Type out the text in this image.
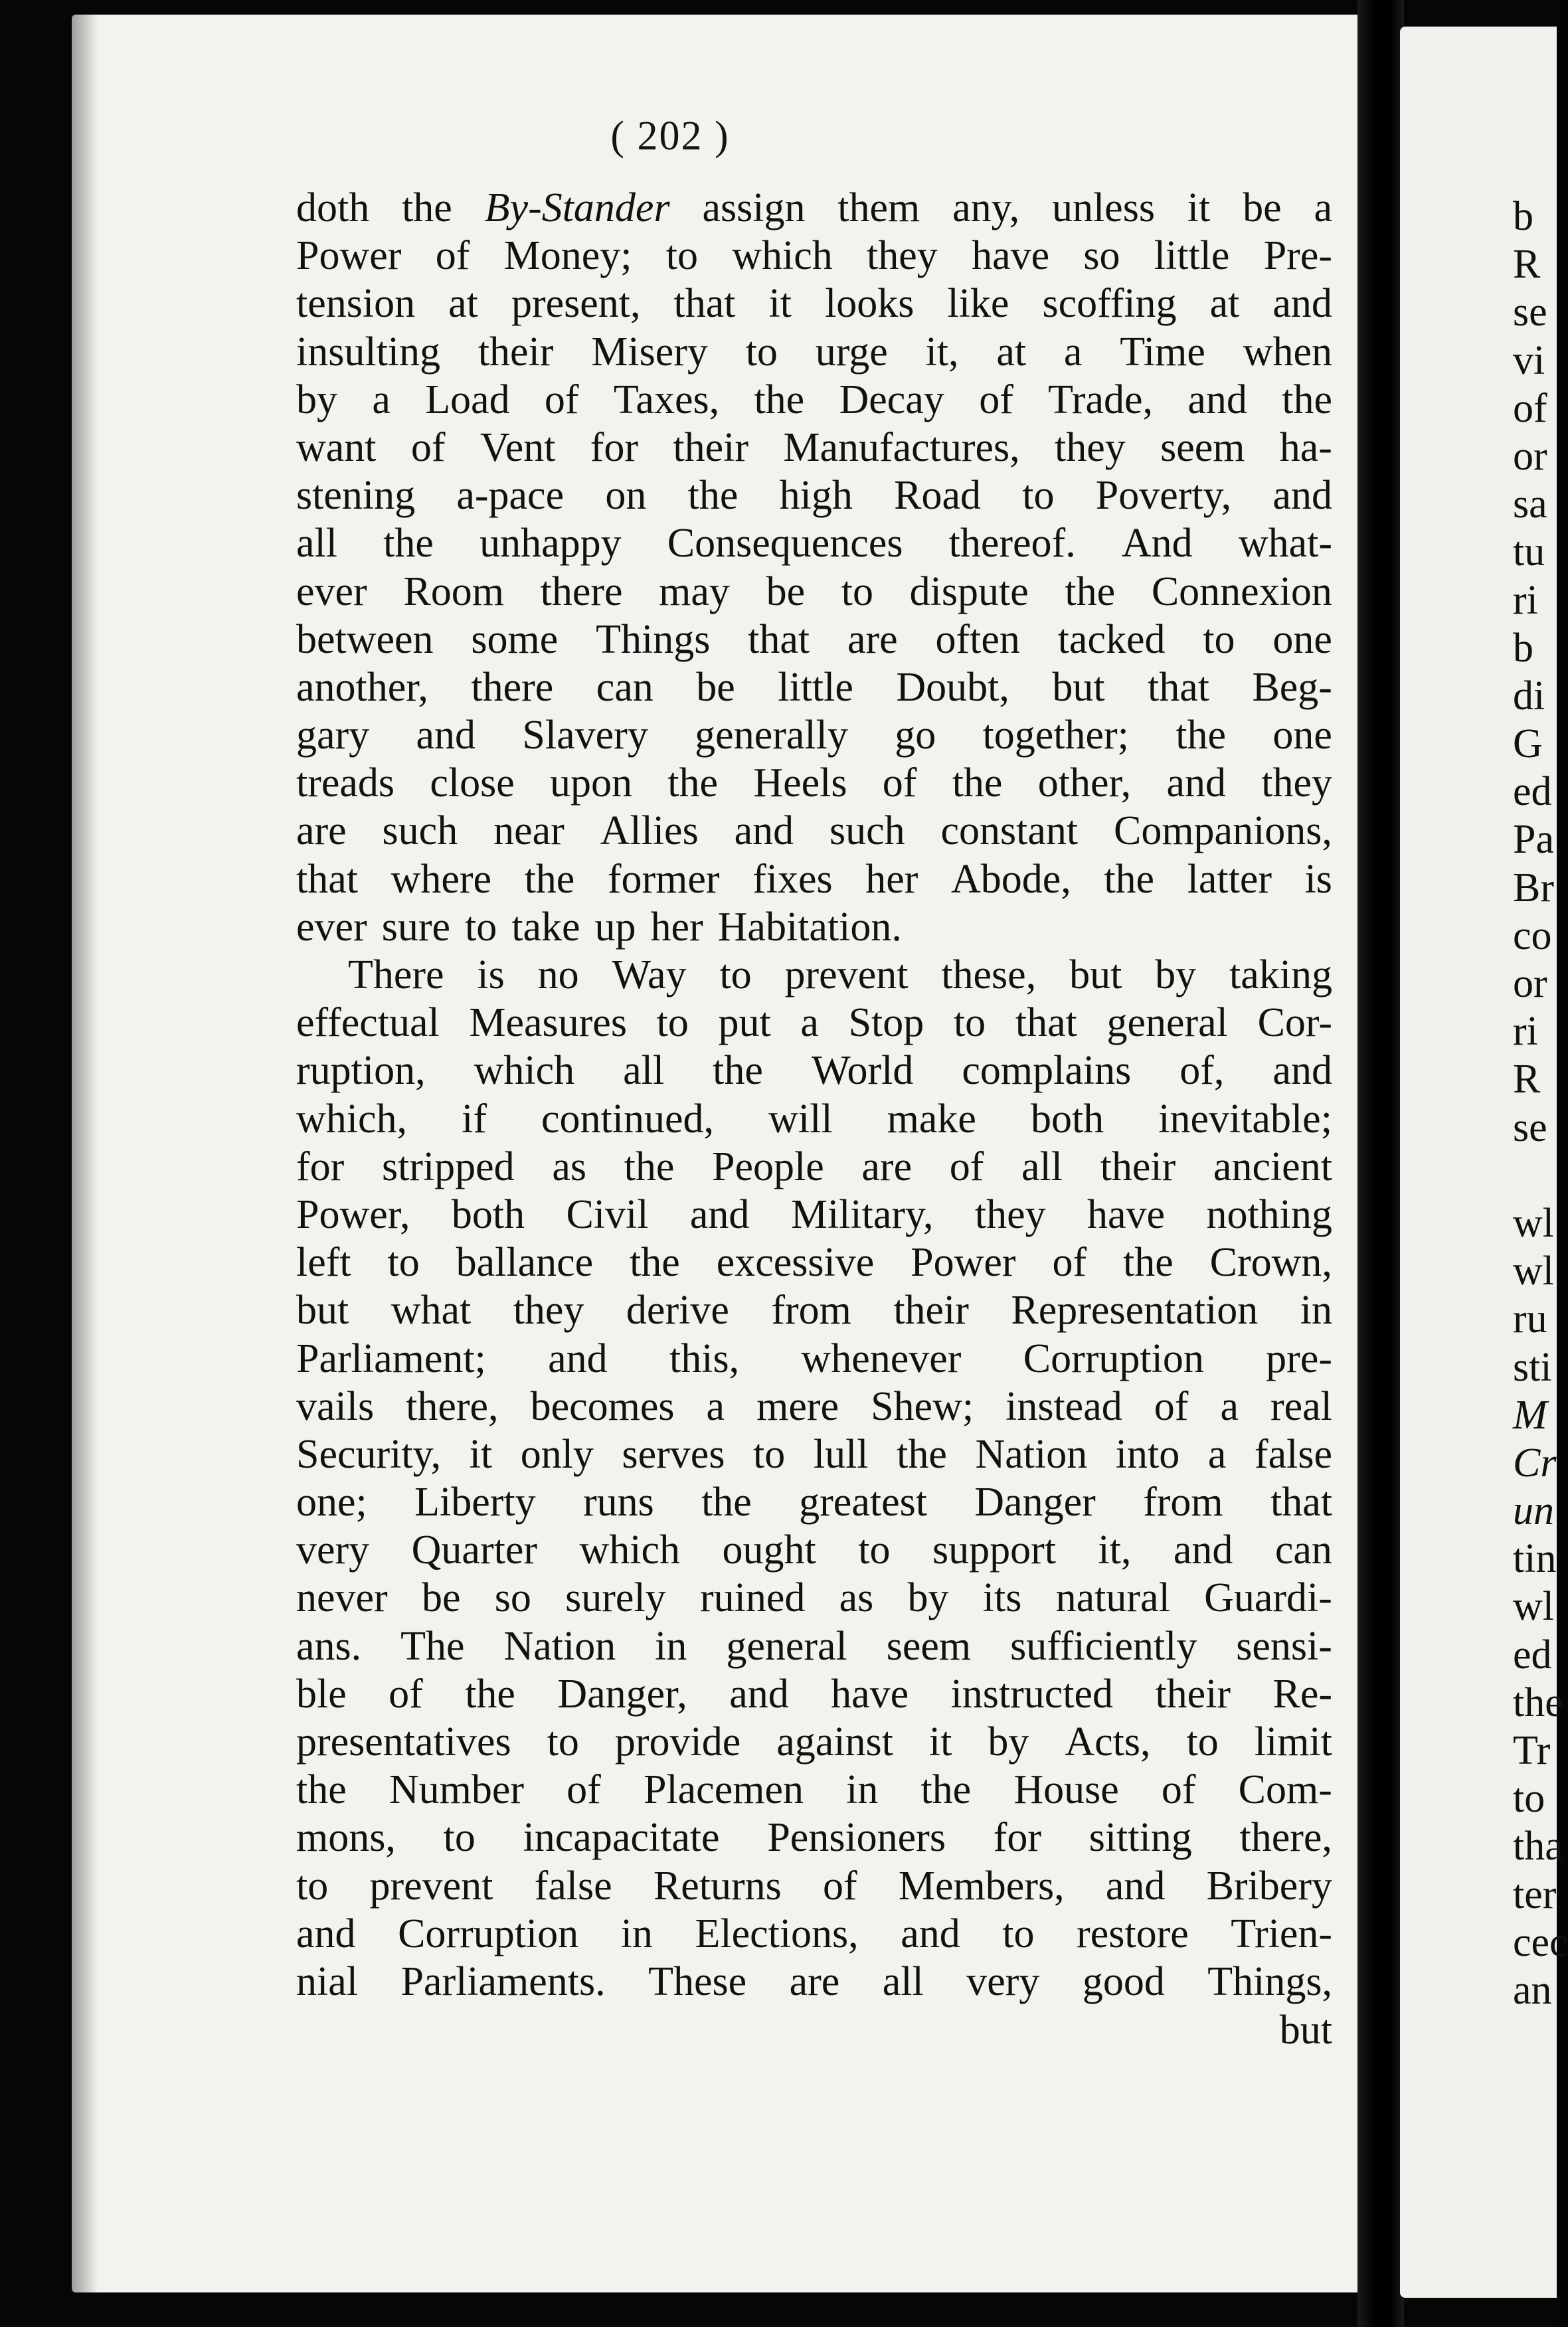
( 202 )
doth the By-Stander assign them any, unless it be a
Power of Money; to which they have so little Pre-
tension at present, that it looks like scoffing at and
insulting their Misery to urge it, at a Time when
by a Load of Taxes, the Decay of Trade, and the
want of Vent for their Manufactures, they seem ha-
stening a-pace on the high Road to Poverty, and
all the unhappy Consequences thereof. And what-
ever Room there may be to dispute the Connexion
between some Things that are often tacked to one
another, there can be little Doubt, but that Beg-
gary and Slavery generally go together; the one
treads close upon the Heels of the other, and they
are such near Allies and such constant Companions,
that where the former fixes her Abode, the latter is
ever sure to take up her Habitation.
There is no Way to prevent these, but by taking
effectual Measures to put a Stop to that general Cor-
ruption, which all the World complains of, and
which, if continued, will make both inevitable;
for stripped as the People are of all their ancient
Power, both Civil and Military, they have nothing
left to ballance the excessive Power of the Crown,
but what they derive from their Representation in
Parliament; and this, whenever Corruption pre-
vails there, becomes a mere Shew; instead of a real
Security, it only serves to lull the Nation into a false
one; Liberty runs the greatest Danger from that
very Quarter which ought to support it, and can
never be so surely ruined as by its natural Guardi-
ans. The Nation in general seem sufficiently sensi-
ble of the Danger, and have instructed their Re-
presentatives to provide against it by Acts, to limit
the Number of Placemen in the House of Com-
mons, to incapacitate Pensioners for sitting there,
to prevent false Returns of Members, and Bribery
and Corruption in Elections, and to restore Trien-
nial Parliaments. These are all very good Things,
but
b
R
se
vi
of
or
sa
tu
ri
b
di
G
ed
Pa
Br
co
or
ri
R
se
wl
wl
ru
sti
M
Cr
un
tin
wl
ed
the
Tr
to
tha
ter
cec
an
